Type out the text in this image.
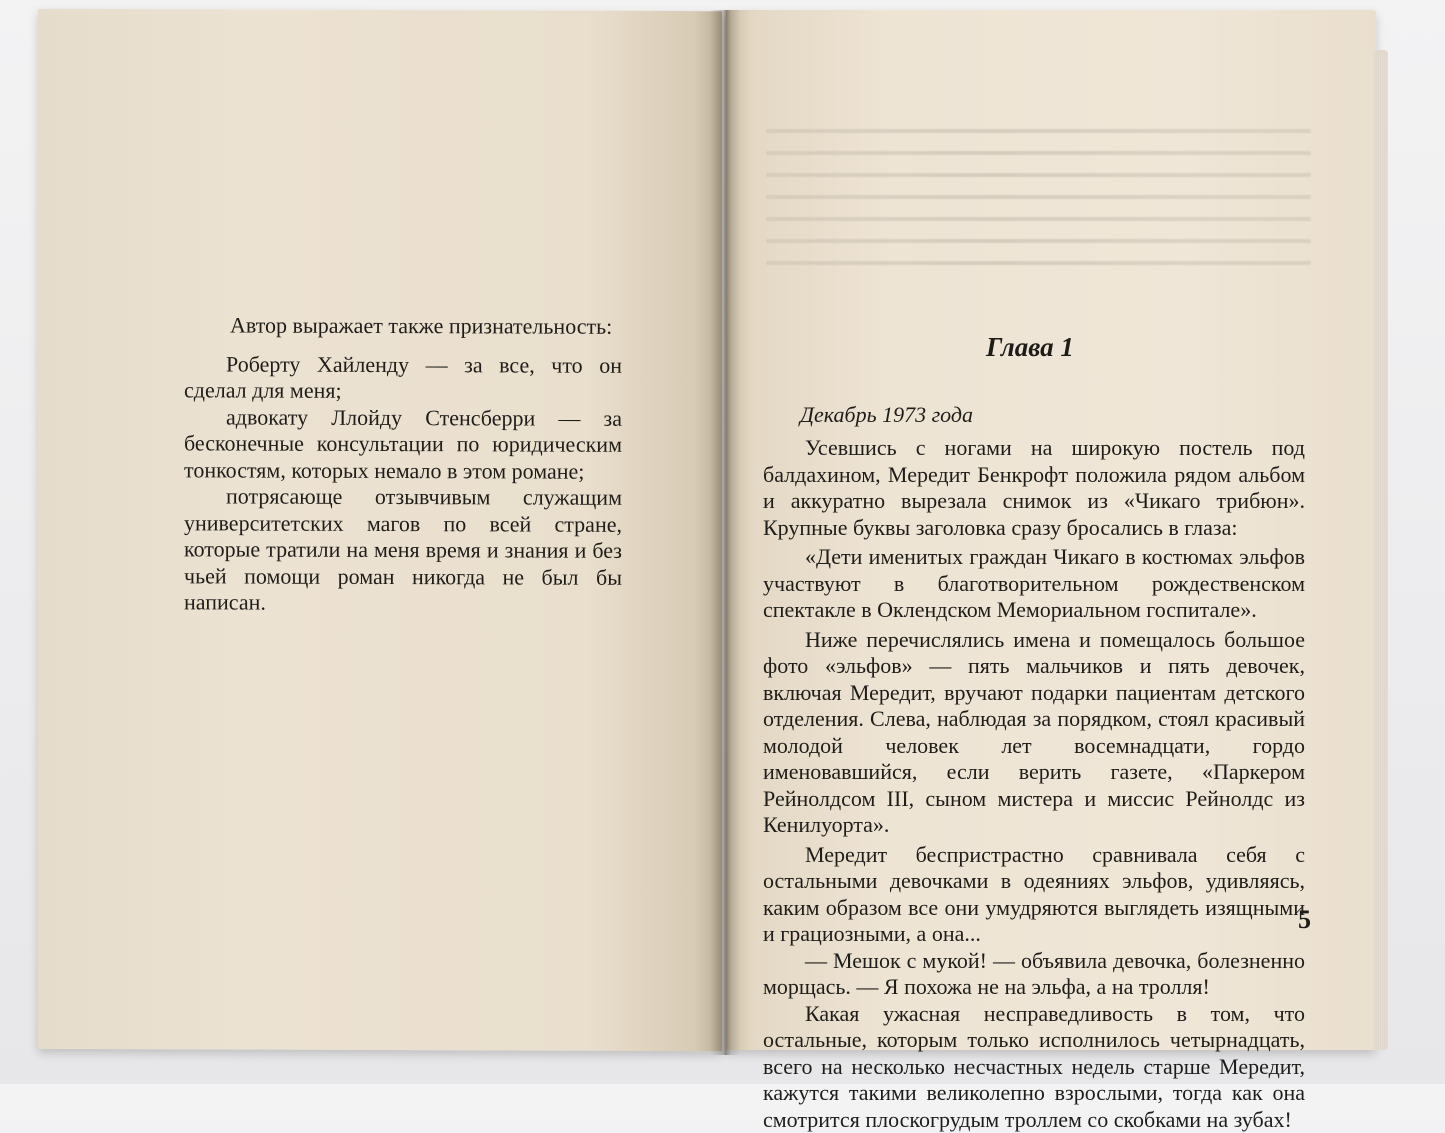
Автор выражает также признательность:

Роберту Хайленду — за все, что он сделал для меня;

адвокату Ллойду Стенсберри — за бесконечные консультации по юридическим тонкостям, которых немало в этом романе;

потрясающе отзывчивым служащим университетских магов по всей стране, которые тратили на меня время и знания и без чьей помощи роман никогда не был бы написан.

Глава 1
Декабрь 1973 года

Усевшись с ногами на широкую постель под балдахином, Мередит Бенкрофт положила рядом альбом и аккуратно вырезала снимок из «Чикаго трибюн». Крупные буквы заголовка сразу бросались в глаза:

«Дети именитых граждан Чикаго в костюмах эльфов участвуют в благотворительном рождественском спектакле в Оклендском Мемориальном госпитале».

Ниже перечислялись имена и помещалось большое фото «эльфов» — пять мальчиков и пять девочек, включая Мередит, вручают подарки пациентам детского отделения. Слева, наблюдая за порядком, стоял красивый молодой человек лет восемнадцати, гордо именовавшийся, если верить газете, «Паркером Рейнолдсом III, сыном мистера и миссис Рейнолдс из Кенилуорта».

Мередит беспристрастно сравнивала себя с остальными девочками в одеяниях эльфов, удивляясь, каким образом все они умудряются выглядеть изящными и грациозными, а она...

— Мешок с мукой! — объявила девочка, болезненно морщась. — Я похожа не на эльфа, а на тролля!

Какая ужасная несправедливость в том, что остальные, которым только исполнилось четырнадцать, всего на несколько несчастных недель старше Мередит, кажутся такими великолепно взрослыми, тогда как она смотрится плоскогрудым троллем со скобками на зубах!

5
